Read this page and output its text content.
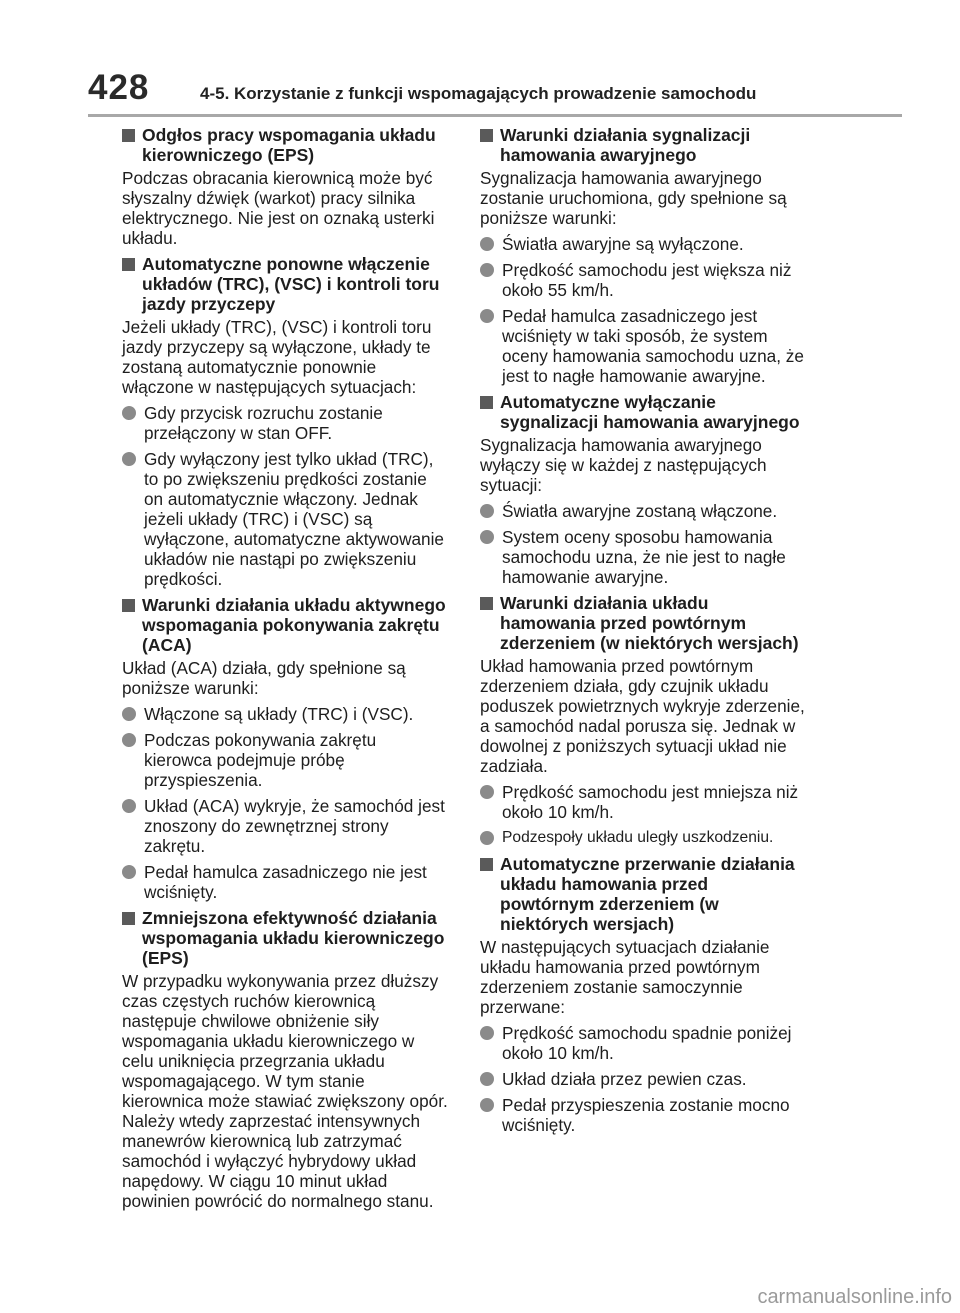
428	4-5. Korzystanie z funkcji wspomagających prowadzenie samochodu
Odgłos pracy wspomagania układu kierowniczego (EPS)
Podczas obracania kierownicą może być słyszalny dźwięk (warkot) pracy silnika elektrycznego. Nie jest on oznaką usterki układu.
Automatyczne ponowne włączenie układów (TRC), (VSC) i kontroli toru jazdy przyczepy
Jeżeli układy (TRC), (VSC) i kontroli toru jazdy przyczepy są wyłączone, układy te zostaną automatycznie ponownie włączone w następujących sytuacjach:
Gdy przycisk rozruchu zostanie przełączony w stan OFF.
Gdy wyłączony jest tylko układ (TRC), to po zwiększeniu prędkości zostanie on automatycznie włączony. Jednak jeżeli układy (TRC) i (VSC) są wyłączone, automatyczne aktywowanie układów nie nastąpi po zwiększeniu prędkości.
Warunki działania układu aktywnego wspomagania pokonywania zakrętu (ACA)
Układ (ACA) działa, gdy spełnione są poniższe warunki:
Włączone są układy (TRC) i (VSC).
Podczas pokonywania zakrętu kierowca podejmuje próbę przyspieszenia.
Układ (ACA) wykryje, że samochód jest znoszony do zewnętrznej strony zakrętu.
Pedał hamulca zasadniczego nie jest wciśnięty.
Zmniejszona efektywność działania wspomagania układu kierowniczego (EPS)
W przypadku wykonywania przez dłuższy czas częstych ruchów kierownicą następuje chwilowe obniżenie siły wspomagania układu kierowniczego w celu uniknięcia przegrzania układu wspomagającego. W tym stanie kierownica może stawiać zwiększony opór. Należy wtedy zaprzestać intensywnych manewrów kierownicą lub zatrzymać samochód i wyłączyć hybrydowy układ napędowy. W ciągu 10 minut układ powinien powrócić do normalnego stanu.
Warunki działania sygnalizacji hamowania awaryjnego
Sygnalizacja hamowania awaryjnego zostanie uruchomiona, gdy spełnione są poniższe warunki:
Światła awaryjne są wyłączone.
Prędkość samochodu jest większa niż około 55 km/h.
Pedał hamulca zasadniczego jest wciśnięty w taki sposób, że system oceny hamowania samochodu uzna, że jest to nagłe hamowanie awaryjne.
Automatyczne wyłączanie sygnalizacji hamowania awaryjnego
Sygnalizacja hamowania awaryjnego wyłączy się w każdej z następujących sytuacji:
Światła awaryjne zostaną włączone.
System oceny sposobu hamowania samochodu uzna, że nie jest to nagłe hamowanie awaryjne.
Warunki działania układu hamowania przed powtórnym zderzeniem (w niektórych wersjach)
Układ hamowania przed powtórnym zderzeniem działa, gdy czujnik układu poduszek powietrznych wykryje zderzenie, a samochód nadal porusza się. Jednak w dowolnej z poniższych sytuacji układ nie zadziała.
Prędkość samochodu jest mniejsza niż około 10 km/h.
Podzespoły układu uległy uszkodzeniu.
Automatyczne przerwanie działania układu hamowania przed powtórnym zderzeniem (w niektórych wersjach)
W następujących sytuacjach działanie układu hamowania przed powtórnym zderzeniem zostanie samoczynnie przerwane:
Prędkość samochodu spadnie poniżej około 10 km/h.
Układ działa przez pewien czas.
Pedał przyspieszenia zostanie mocno wciśnięty.
carmanualsonline.info
